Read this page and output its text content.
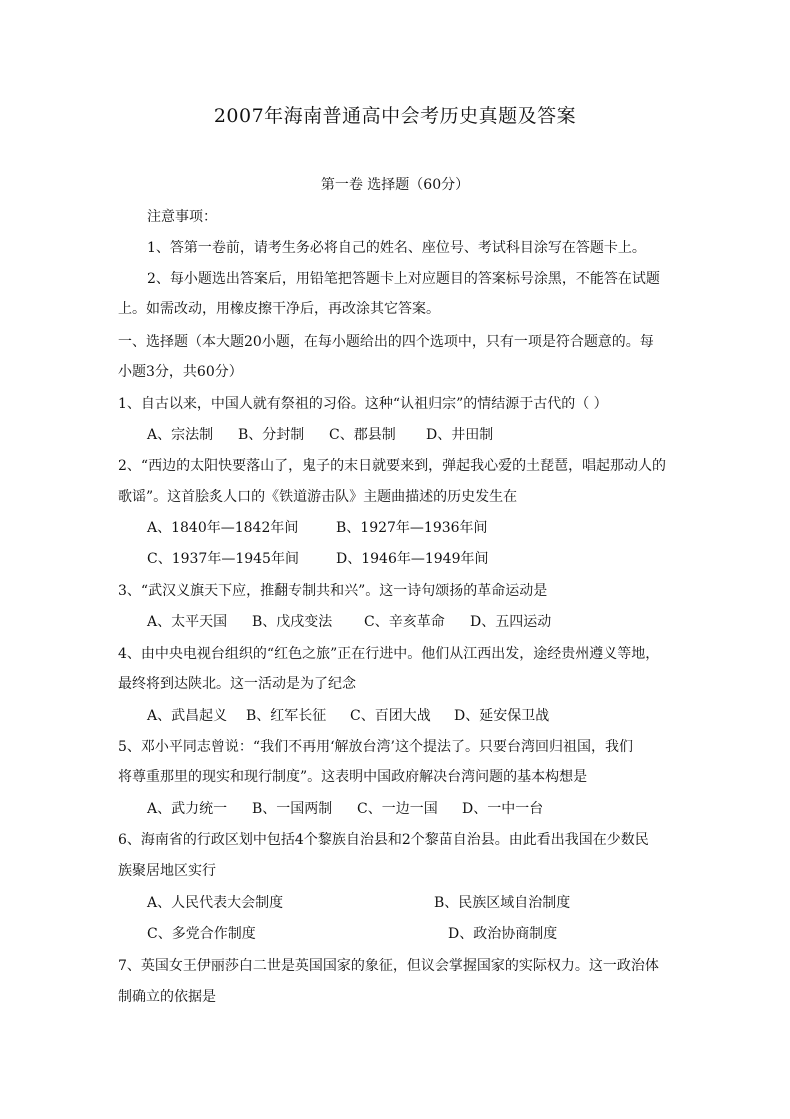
2007年海南普通高中会考历史真题及答案
第一卷 选择题（60分）
注意事项：
1、答第一卷前，请考生务必将自己的姓名、座位号、考试科目涂写在答题卡上。
2、每小题选出答案后，用铅笔把答题卡上对应题目的答案标号涂黑，不能答在试题
上。如需改动，用橡皮擦干净后，再改涂其它答案。
一、选择题（本大题20小题，在每小题给出的四个选项中，只有一项是符合题意的。每
小题3分，共60分）
1、自古以来，中国人就有祭祖的习俗。这种“认祖归宗”的情结源于古代的（ ）
A、宗法制 B、分封制 C、郡县制 D、井田制
2、“西边的太阳快要落山了，鬼子的末日就要来到，弹起我心爱的土琵琶，唱起那动人的
歌谣”。这首脍炙人口的《铁道游击队》主题曲描述的历史发生在
A、1840年—1842年间	B、1927年—1936年间
C、1937年—1945年间	D、1946年—1949年间
3、“武汉义旗天下应，推翻专制共和兴”。这一诗句颂扬的革命运动是
A、太平天国 B、戊戌变法 C、辛亥革命 D、五四运动
4、由中央电视台组织的“红色之旅”正在行进中。他们从江西出发，途经贵州遵义等地，
最终将到达陕北。这一活动是为了纪念
A、武昌起义 B、红军长征 C、百团大战 D、延安保卫战
5、邓小平同志曾说：“我们不再用‘解放台湾’这个提法了。只要台湾回归祖国，我们
将尊重那里的现实和现行制度”。这表明中国政府解决台湾问题的基本构想是
A、武力统一 B、一国两制 C、一边一国 D、一中一台
6、海南省的行政区划中包括4个黎族自治县和2个黎苗自治县。由此看出我国在少数民
族聚居地区实行
A、人民代表大会制度	B、民族区域自治制度
C、多党合作制度	D、政治协商制度
7、英国女王伊丽莎白二世是英国国家的象征，但议会掌握国家的实际权力。这一政治体
制确立的依据是
